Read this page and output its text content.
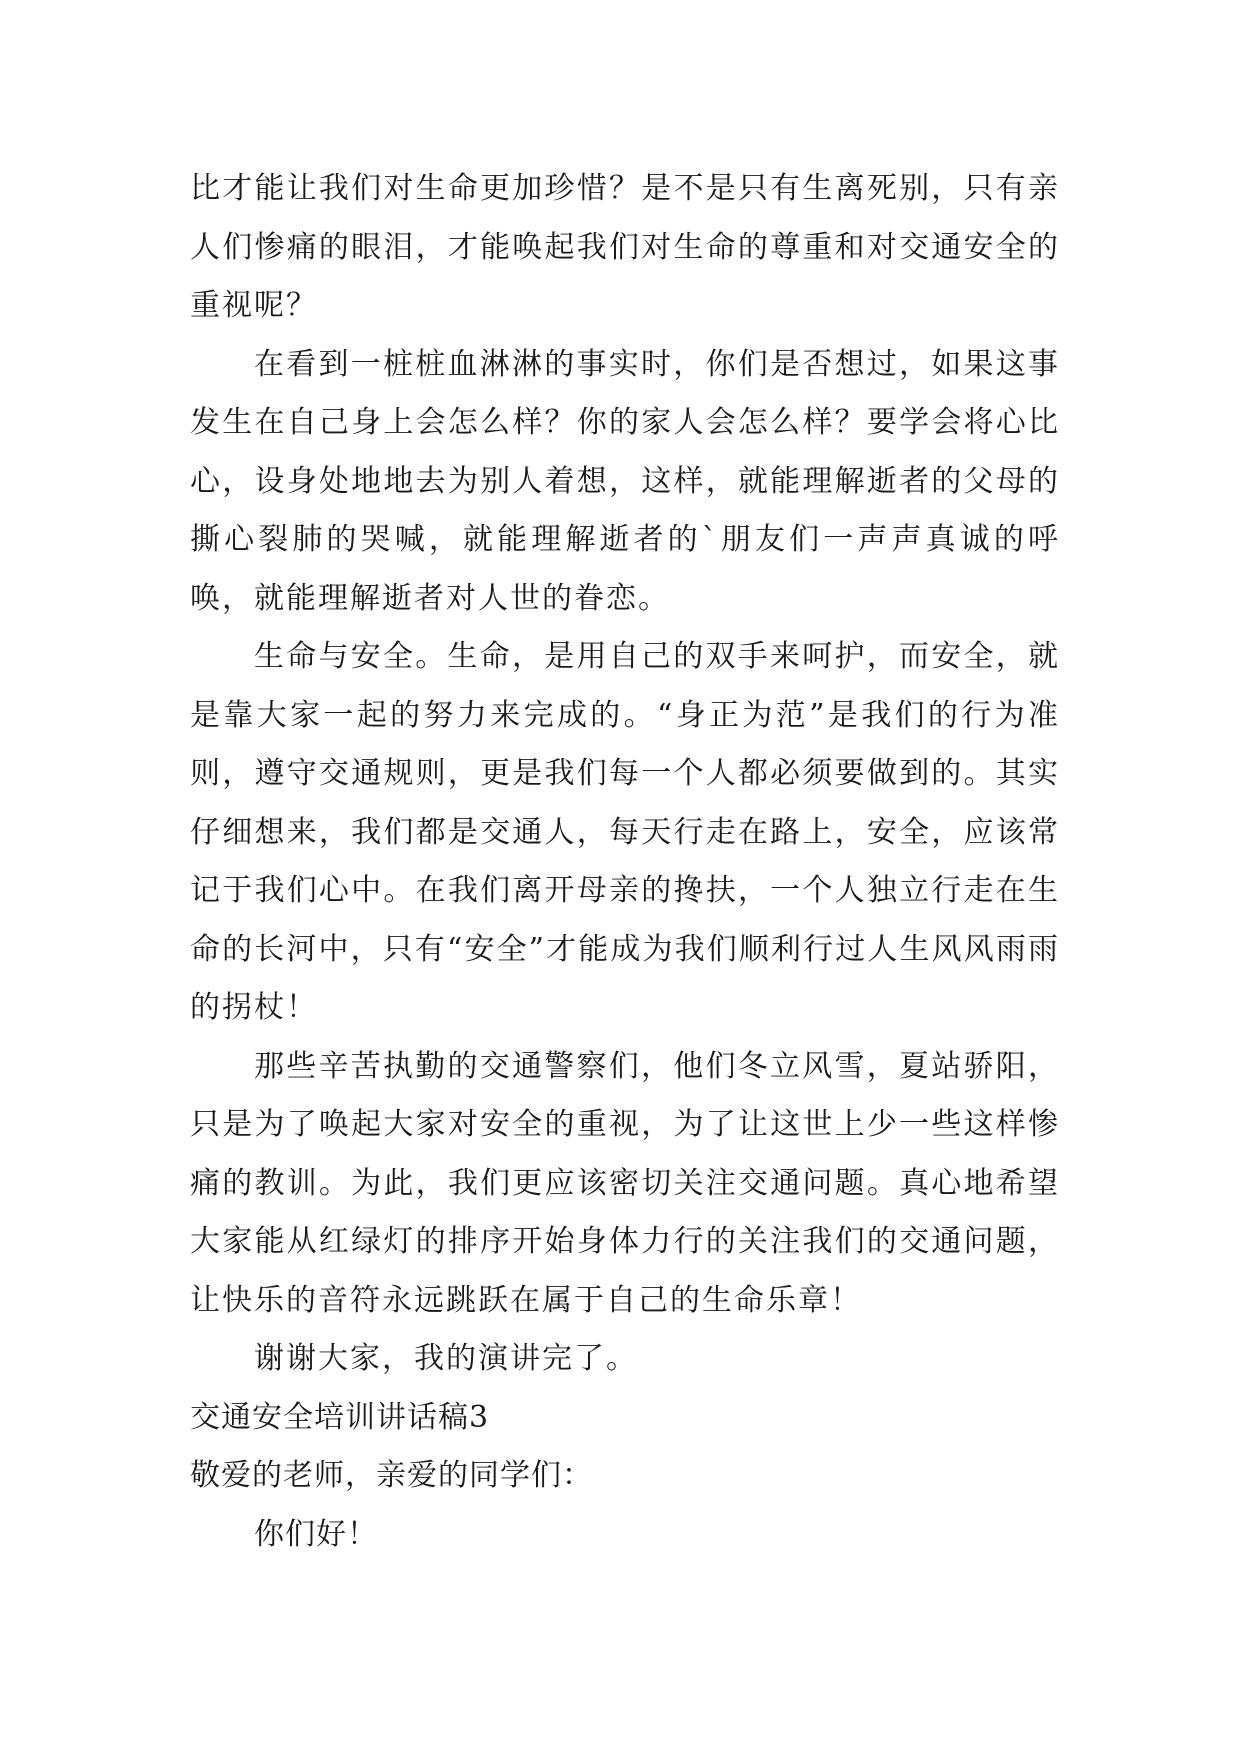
比才能让我们对生命更加珍惜？是不是只有生离死别，只有亲人们惨痛的眼泪，才能唤起我们对生命的尊重和对交通安全的重视呢？

在看到一桩桩血淋淋的事实时，你们是否想过，如果这事发生在自己身上会怎么样？你的家人会怎么样？要学会将心比心，设身处地地去为别人着想，这样，就能理解逝者的父母的撕心裂肺的哭喊，就能理解逝者的`朋友们一声声真诚的呼唤，就能理解逝者对人世的眷恋。

生命与安全。生命，是用自己的双手来呵护，而安全，就是靠大家一起的努力来完成的。“身正为范”是我们的行为准则，遵守交通规则，更是我们每一个人都必须要做到的。其实仔细想来，我们都是交通人，每天行走在路上，安全，应该常记于我们心中。在我们离开母亲的搀扶，一个人独立行走在生命的长河中，只有“安全”才能成为我们顺利行过人生风风雨雨的拐杖！

那些辛苦执勤的交通警察们，他们冬立风雪，夏站骄阳，只是为了唤起大家对安全的重视，为了让这世上少一些这样惨痛的教训。为此，我们更应该密切关注交通问题。真心地希望大家能从红绿灯的排序开始身体力行的关注我们的交通问题，让快乐的音符永远跳跃在属于自己的生命乐章！

谢谢大家，我的演讲完了。

交通安全培训讲话稿3

敬爱的老师，亲爱的同学们：

你们好！
